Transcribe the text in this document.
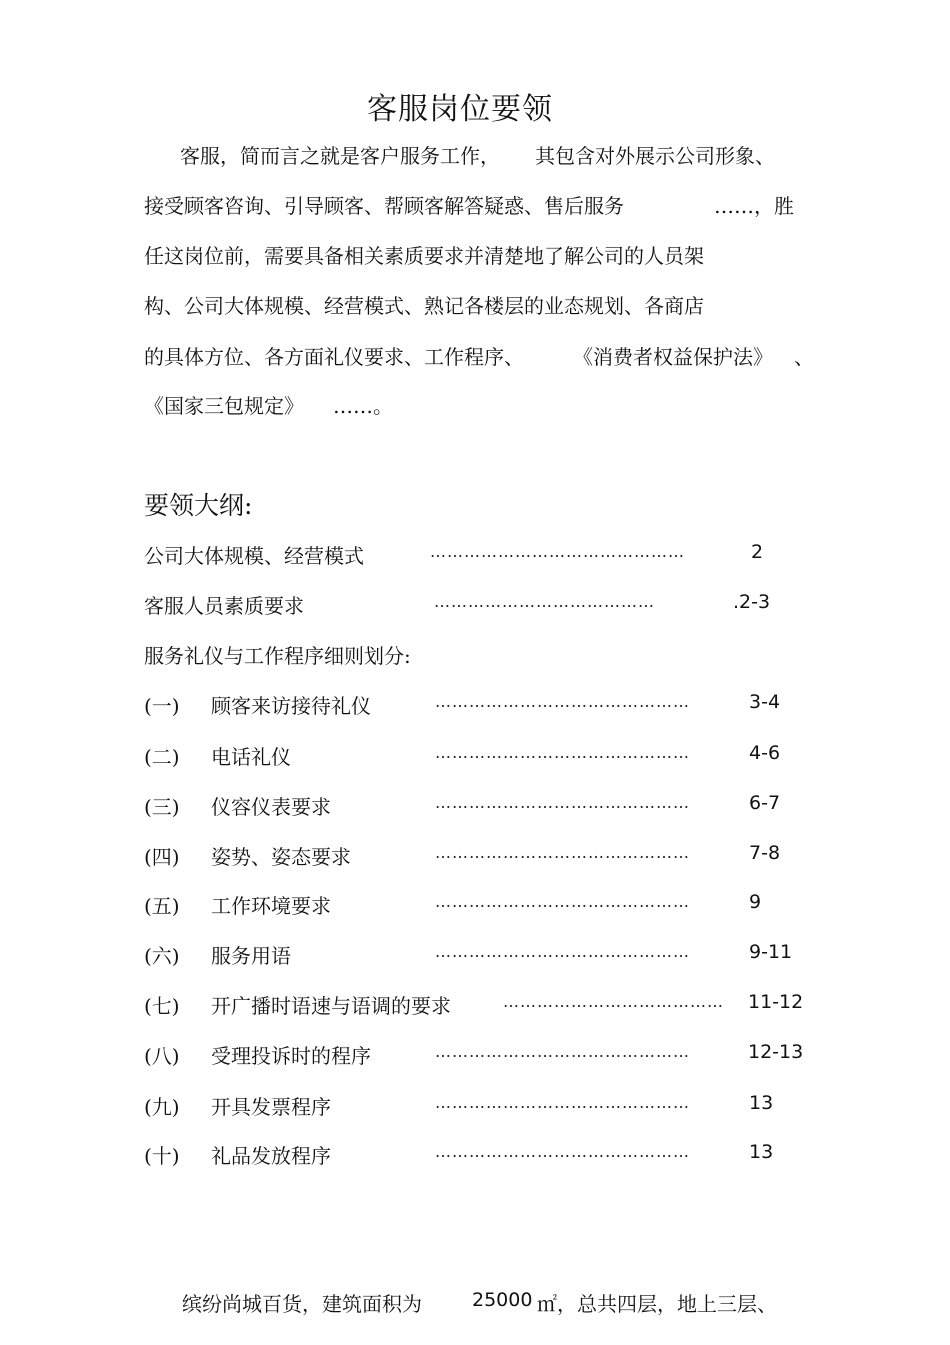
客服岗位要领
客服，简而言之就是客户服务工作， 其包含对外展示公司形象、
接受顾客咨询、引导顾客、帮顾客解答疑惑、售后服务	……，胜
任这岗位前，需要具备相关素质要求并清楚地了解公司的人员架
构、公司大体规模、经营模式、熟记各楼层的业态规划、各商店
的具体方位、各方面礼仪要求、工作程序、 《消费者权益保护法》 、
《国家三包规定》 ……。
要领大纲:
公司大体规模、经营模式	………………………………………	2
客服人员素质要求	…………………………………	.2-3
服务礼仪与工作程序细则划分:
(一) 顾客来访接待礼仪	………………………………………	3-4
(二) 电话礼仪	………………………………………	4-6
(三) 仪容仪表要求	………………………………………	6-7
(四) 姿势、姿态要求	………………………………………	7-8
(五) 工作环境要求	………………………………………	9
(六) 服务用语	………………………………………	9-11
(七) 开广播时语速与语调的要求	………………………………… 11-12
(八) 受理投诉时的程序	………………………………………	12-13
(九) 开具发票程序	………………………………………	13
(十) 礼品发放程序	………………………………………	13
缤纷尚城百货，建筑面积为	25000 ㎡ ，总共四层，地上三层、
